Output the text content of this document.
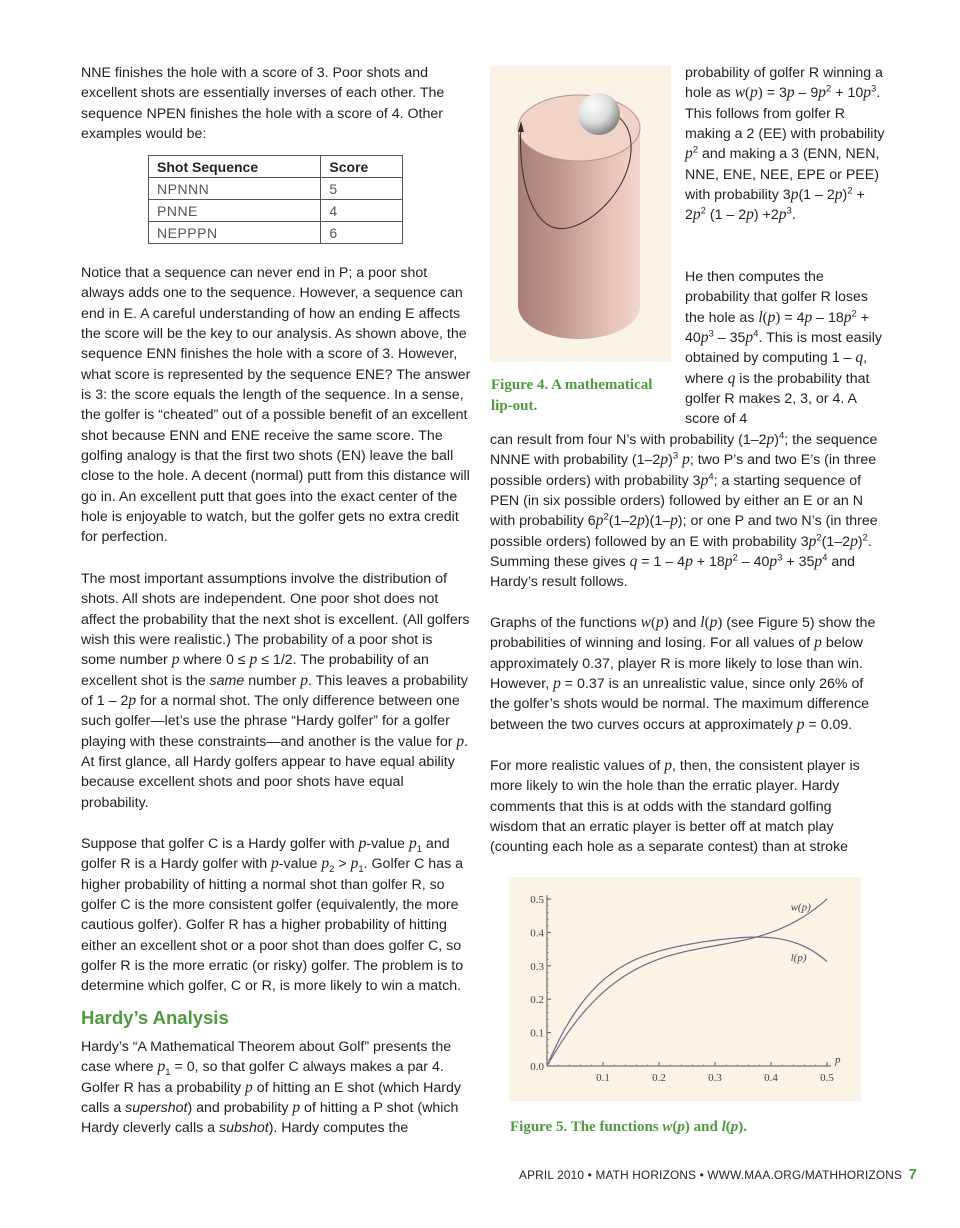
NNE finishes the hole with a score of 3. Poor shots and excellent shots are essentially inverses of each other. The sequence NPEN finishes the hole with a score of 4. Other examples would be:

Shot Sequence	Score
NPNNN	5
PNNE	4
NEPPPN	6

Notice that a sequence can never end in P; a poor shot always adds one to the sequence. However, a sequence can end in E. A careful understanding of how an ending E affects the score will be the key to our analysis. As shown above, the sequence ENN finishes the hole with a score of 3. However, what score is represented by the sequence ENE? The answer is 3: the score equals the length of the sequence. In a sense, the golfer is “cheated” out of a possible benefit of an excellent shot because ENN and ENE receive the same score. The golfing analogy is that the first two shots (EN) leave the ball close to the hole. A decent (normal) putt from this distance will go in. An excellent putt that goes into the exact center of the hole is enjoyable to watch, but the golfer gets no extra credit for perfection.

The most important assumptions involve the distribution of shots. All shots are independent. One poor shot does not affect the probability that the next shot is excellent. (All golfers wish this were realistic.) The probability of a poor shot is some number p where 0 ≤ p ≤ 1/2. The probability of an excellent shot is the same number p. This leaves a probability of 1 – 2p for a normal shot. The only difference between one such golfer—let’s use the phrase “Hardy golfer” for a golfer playing with these constraints—and another is the value for p. At first glance, all Hardy golfers appear to have equal ability because excellent shots and poor shots have equal probability.

Suppose that golfer C is a Hardy golfer with p-value $p_1$ and golfer R is a Hardy golfer with p-value $p_2 > p_1$. Golfer C has a higher probability of hitting a normal shot than golfer R, so golfer C is the more consistent golfer (equivalently, the more cautious golfer). Golfer R has a higher probability of hitting either an excellent shot or a poor shot than does golfer C, so golfer R is the more erratic (or risky) golfer. The problem is to determine which golfer, C or R, is more likely to win a match.

Hardy’s Analysis

Hardy’s “A Mathematical Theorem about Golf” presents the case where $p_1 = 0$, so that golfer C always makes a par 4. Golfer R has a probability p of hitting an E shot (which Hardy calls a supershot) and probability p of hitting a P shot (which Hardy cleverly calls a subshot). Hardy computes the

Figure 4. A mathematical lip-out.

probability of golfer R winning a hole as $w(p) = 3p - 9p^2 + 10p^3$. This follows from golfer R making a 2 (EE) with probability $p^2$ and making a 3 (ENN, NEN, NNE, ENE, NEE, EPE or PEE) with probability $3p(1 - 2p)^2 + 2p^2$ $(1 - 2p) +2p^3$.

He then computes the probability that golfer R loses the hole as $l(p) = 4p - 18p^2 + 40p^3 - 35p^4$. This is most easily obtained by computing 1 – q, where q is the probability that golfer R makes 2, 3, or 4. A score of 4

can result from four N’s with probability $(1-2p)^4$; the sequence NNNE with probability $(1-2p)^3$ p; two P’s and two E’s (in three possible orders) with probability $3p^4$; a starting sequence of PEN (in six possible orders) followed by either an E or an N with probability $6p^2(1-2p)(1-p)$; or one P and two N’s (in three possible orders) followed by an E with probability $3p^2(1-2p)^2$. Summing these gives $q = 1 - 4p + 18p^2 - 40p^3 + 35p^4$ and Hardy’s result follows.

Graphs of the functions w(p) and l(p) (see Figure 5) show the probabilities of winning and losing. For all values of p below approximately 0.37, player R is more likely to lose than win. However, p = 0.37 is an unrealistic value, since only 26% of the golfer’s shots would be normal. The maximum difference between the two curves occurs at approximately p = 0.09.

For more realistic values of p, then, the consistent player is more likely to win the hole than the erratic player. Hardy comments that this is at odds with the standard golfing wisdom that an erratic player is better off at match play (counting each hole as a separate contest) than at stroke

0.0
0.1
0.2
0.3
0.4
0.5
0.1	0.2	0.3	0.4	0.5
p
w(p)
l(p)

Figure 5. The functions w(p) and l(p).

APRIL 2010 • MATH HORIZONS • WWW.MAA.ORG/MATHHORIZONS 7
